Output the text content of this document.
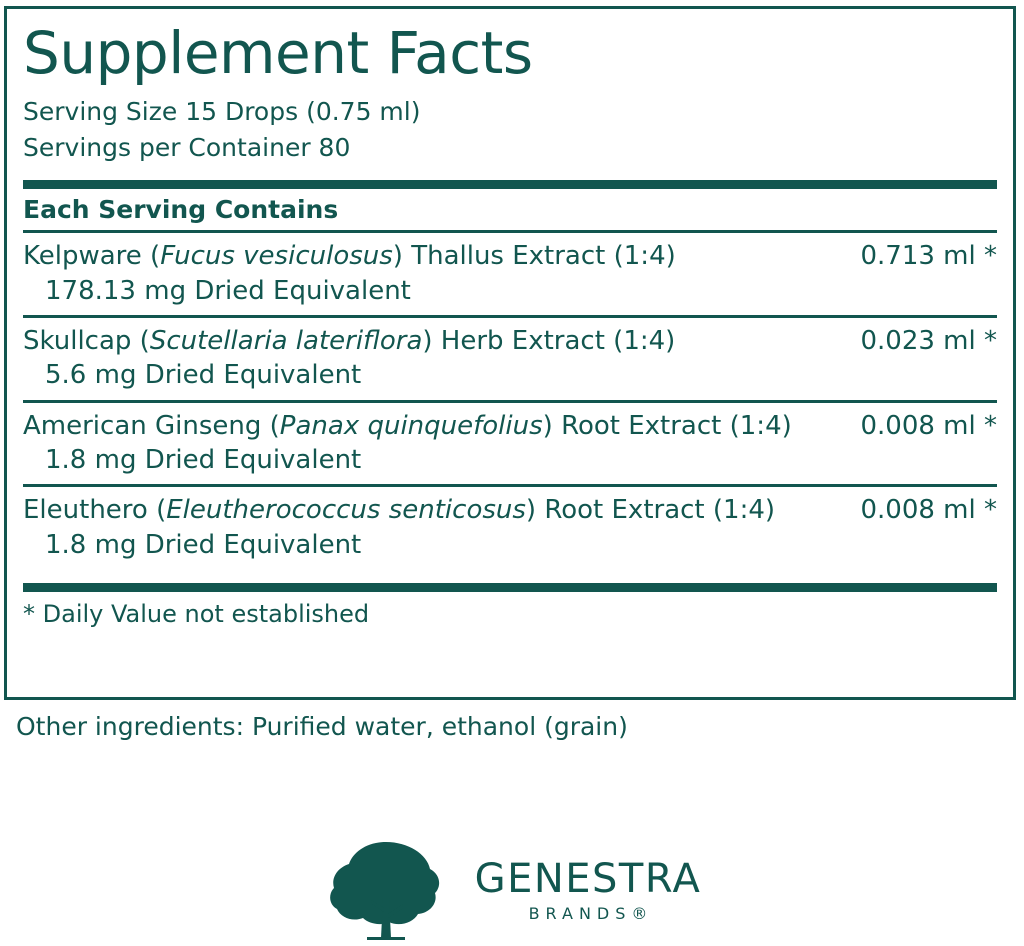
Supplement Facts
Serving Size 15 Drops (0.75 ml)
Servings per Container 80
Each Serving Contains
Kelpware (Fucus vesiculosus) Thallus Extract (1:4)	0.713 ml *
178.13 mg Dried Equivalent
Skullcap (Scutellaria lateriflora) Herb Extract (1:4)	0.023 ml *
5.6 mg Dried Equivalent
American Ginseng (Panax quinquefolius) Root Extract (1:4)	0.008 ml *
1.8 mg Dried Equivalent
Eleuthero (Eleutherococcus senticosus) Root Extract (1:4)	0.008 ml *
1.8 mg Dried Equivalent
* Daily Value not established
Other ingredients: Purified water, ethanol (grain)
GENESTRA
BRANDS®
